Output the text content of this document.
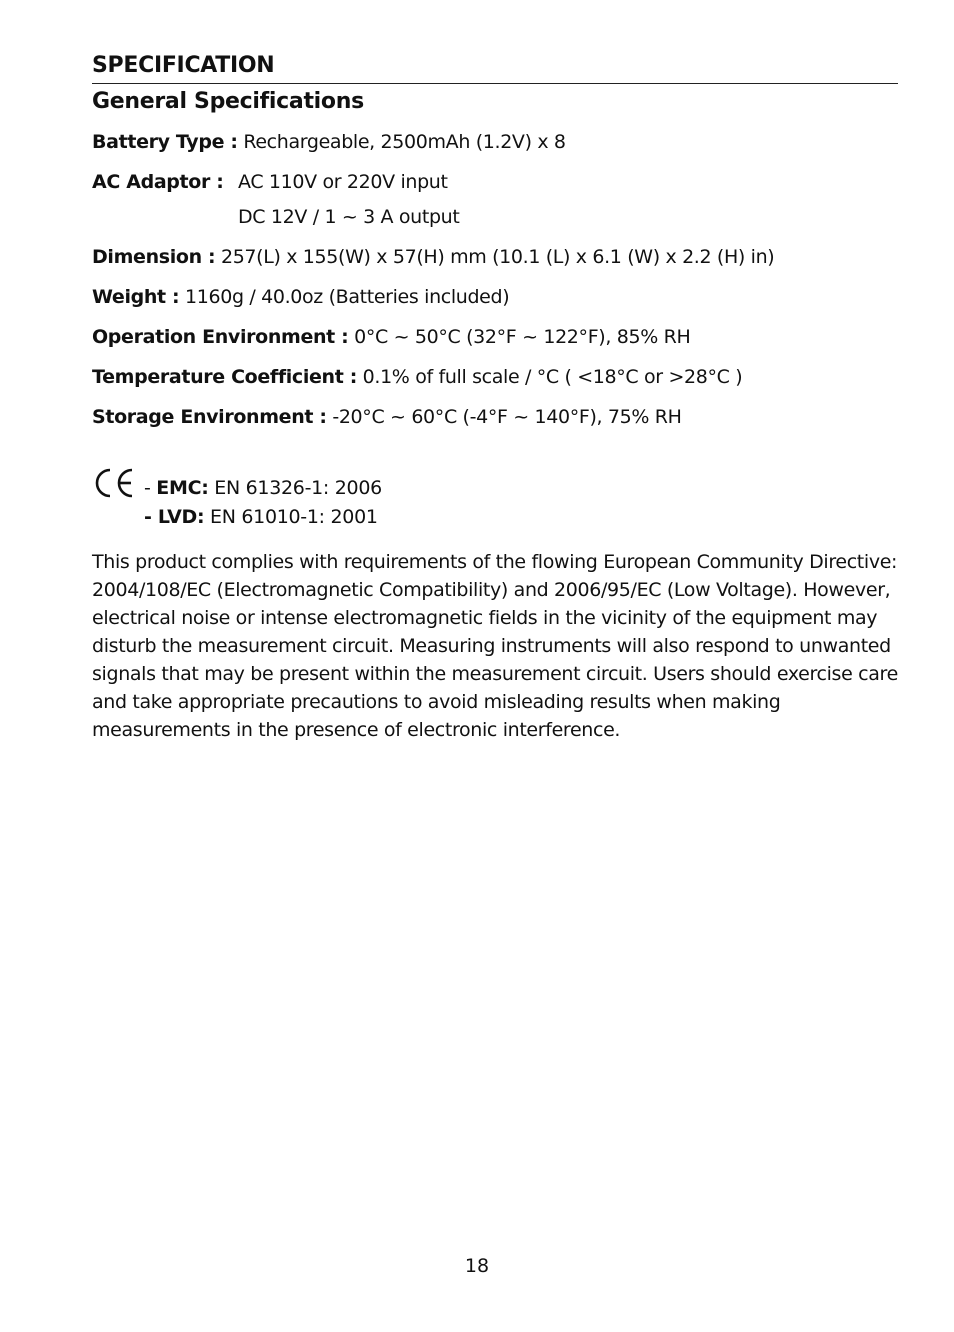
SPECIFICATION
General Specifications
Battery Type : Rechargeable, 2500mAh (1.2V) x 8
AC Adaptor : AC 110V or 220V input
DC 12V / 1 ~ 3 A output
Dimension : 257(L) x 155(W) x 57(H) mm (10.1 (L) x 6.1 (W) x 2.2 (H) in)
Weight : 1160g / 40.0oz (Batteries included)
Operation Environment : 0°C ~ 50°C (32°F ~ 122°F), 85% RH
Temperature Coefficient : 0.1% of full scale / °C ( <18°C or >28°C )
Storage Environment : -20°C ~ 60°C (-4°F ~ 140°F), 75% RH
- EMC: EN 61326-1: 2006
- LVD: EN 61010-1: 2001

This product complies with requirements of the flowing European Community Directive: 2004/108/EC (Electromagnetic Compatibility) and 2006/95/EC (Low Voltage). However, electrical noise or intense electromagnetic fields in the vicinity of the equipment may disturb the measurement circuit. Measuring instruments will also respond to unwanted signals that may be present within the measurement circuit. Users should exercise care and take appropriate precautions to avoid misleading results when making measurements in the presence of electronic interference.

18
